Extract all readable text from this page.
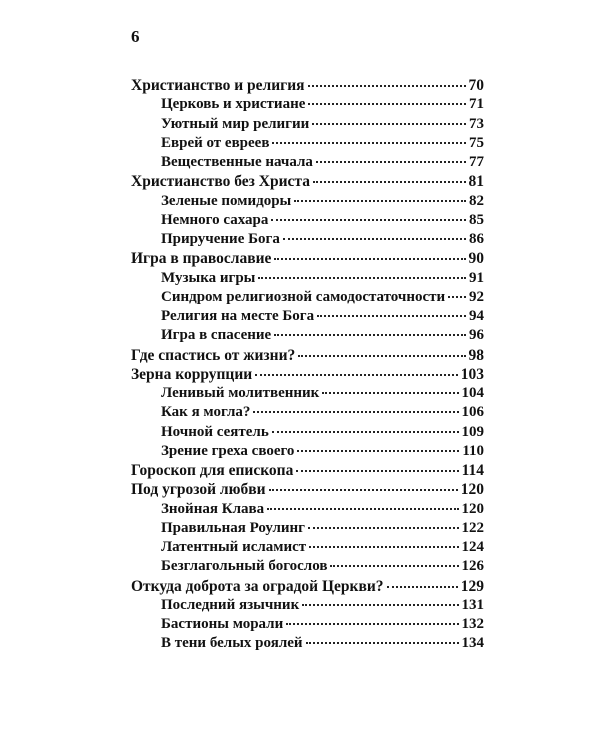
6
Христианство и религия	70
Церковь и христиане	71
Уютный мир религии	73
Еврей от евреев	75
Вещественные начала	77
Христианство без Христа	81
Зеленые помидоры	82
Немного сахара	85
Приручение Бога	86
Игра в православие	90
Музыка игры	91
Синдром религиозной самодостаточности 92
Религия на месте Бога	94
Игра в спасение	96
Где спастись от жизни?	98
Зерна коррупции	103
Ленивый молитвенник	104
Как я могла?	106
Ночной сеятель	109
Зрение греха своего	110
Гороскоп для епископа	114
Под угрозой любви	120
Знойная Клава	120
Правильная Роулинг	122
Латентный исламист	124
Безглагольный богослов	126
Откуда доброта за оградой Церкви?	129
Последний язычник	131
Бастионы морали	132
В тени белых роялей	134
